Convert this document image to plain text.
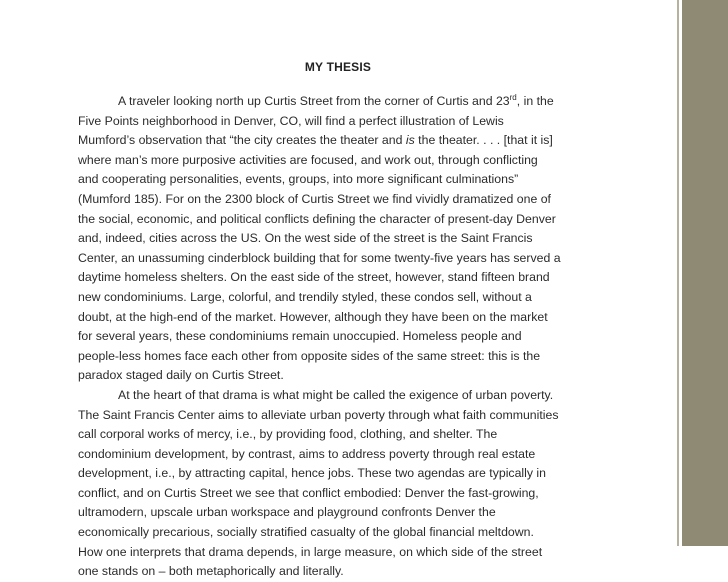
MY THESIS
A traveler looking north up Curtis Street from the corner of Curtis and 23rd, in the
Five Points neighborhood in Denver, CO, will find a perfect illustration of Lewis
Mumford’s observation that “the city creates the theater and is the theater. . . . [that it is]
where man’s more purposive activities are focused, and work out, through conflicting
and cooperating personalities, events, groups, into more significant culminations”
(Mumford 185). For on the 2300 block of Curtis Street we find vividly dramatized one of
the social, economic, and political conflicts defining the character of present-day Denver
and, indeed, cities across the US. On the west side of the street is the Saint Francis
Center, an unassuming cinderblock building that for some twenty-five years has served a
daytime homeless shelters. On the east side of the street, however, stand fifteen brand
new condominiums. Large, colorful, and trendily styled, these condos sell, without a
doubt, at the high-end of the market. However, although they have been on the market
for several years, these condominiums remain unoccupied. Homeless people and
people-less homes face each other from opposite sides of the same street: this is the
paradox staged daily on Curtis Street.
At the heart of that drama is what might be called the exigence of urban poverty.
The Saint Francis Center aims to alleviate urban poverty through what faith communities
call corporal works of mercy, i.e., by providing food, clothing, and shelter. The
condominium development, by contrast, aims to address poverty through real estate
development, i.e., by attracting capital, hence jobs. These two agendas are typically in
conflict, and on Curtis Street we see that conflict embodied: Denver the fast-growing,
ultramodern, upscale urban workspace and playground confronts Denver the
economically precarious, socially stratified casualty of the global financial meltdown.
How one interprets that drama depends, in large measure, on which side of the street
one stands on – both metaphorically and literally.
